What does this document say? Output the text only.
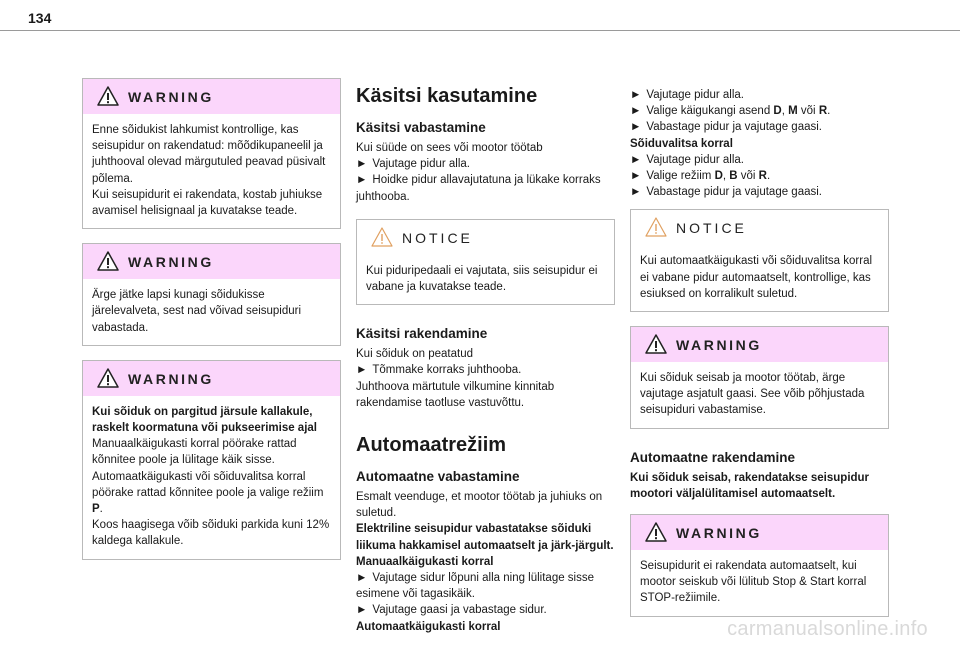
134
WARNING
Enne sõidukist lahkumist kontrollige, kas seisupidur on rakendatud: mõõdikupaneelil ja juhthooval olevad märgutuled peavad püsivalt põlema.
Kui seisupidurit ei rakendata, kostab juhiukse avamisel helisignaal ja kuvatakse teade.
WARNING
Ärge jätke lapsi kunagi sõidukisse järelevalveta, sest nad võivad seisupiduri vabastada.
WARNING
Kui sõiduk on pargitud järsule kallakule, raskelt koormatuna või pukseerimise ajal
Manuaalkäigukasti korral pöörake rattad kõnnitee poole ja lülitage käik sisse.
Automaatkäigukasti või sõiduvalitsa korral pöörake rattad kõnnitee poole ja valige režiim P.
Koos haagisega võib sõiduki parkida kuni 12% kaldega kallakule.
Käsitsi kasutamine
Käsitsi vabastamine
Kui süüde on sees või mootor töötab
► Vajutage pidur alla.
► Hoidke pidur allavajutatuna ja lükake korraks juhthooba.
NOTICE
Kui piduripedaali ei vajutata, siis seisupidur ei vabane ja kuvatakse teade.
Käsitsi rakendamine
Kui sõiduk on peatatud
► Tõmmake korraks juhthooba.
Juhthoova märtutule vilkumine kinnitab rakendamise taotluse vastuvõttu.
Automaatrežiim
Automaatne vabastamine
Esmalt veenduge, et mootor töötab ja juhiuks on suletud.
Elektriline seisupidur vabastatakse sõiduki liikuma hakkamisel automaatselt ja järk-järgult.
Manuaalkäigukasti korral
► Vajutage sidur lõpuni alla ning lülitage sisse esimene või tagasikäik.
► Vajutage gaasi ja vabastage sidur.
Automaatkäigukasti korral
► Vajutage pidur alla.
► Valige käigukangi asend D, M või R.
► Vabastage pidur ja vajutage gaasi.
Sõiduvalitsa korral
► Vajutage pidur alla.
► Valige režiim D, B või R.
► Vabastage pidur ja vajutage gaasi.
NOTICE
Kui automaatkäigukasti või sõiduvalitsa korral ei vabane pidur automaatselt, kontrollige, kas esiuksed on korralikult suletud.
WARNING
Kui sõiduk seisab ja mootor töötab, ärge vajutage asjatult gaasi. See võib põhjustada seisupiduri vabastamise.
Automaatne rakendamine
Kui sõiduk seisab, rakendatakse seisupidur mootori väljalülitamisel automaatselt.
WARNING
Seisupidurit ei rakendata automaatselt, kui mootor seiskub või lülitub Stop & Start korral STOP-režiimile.
carmanualsonline.info
